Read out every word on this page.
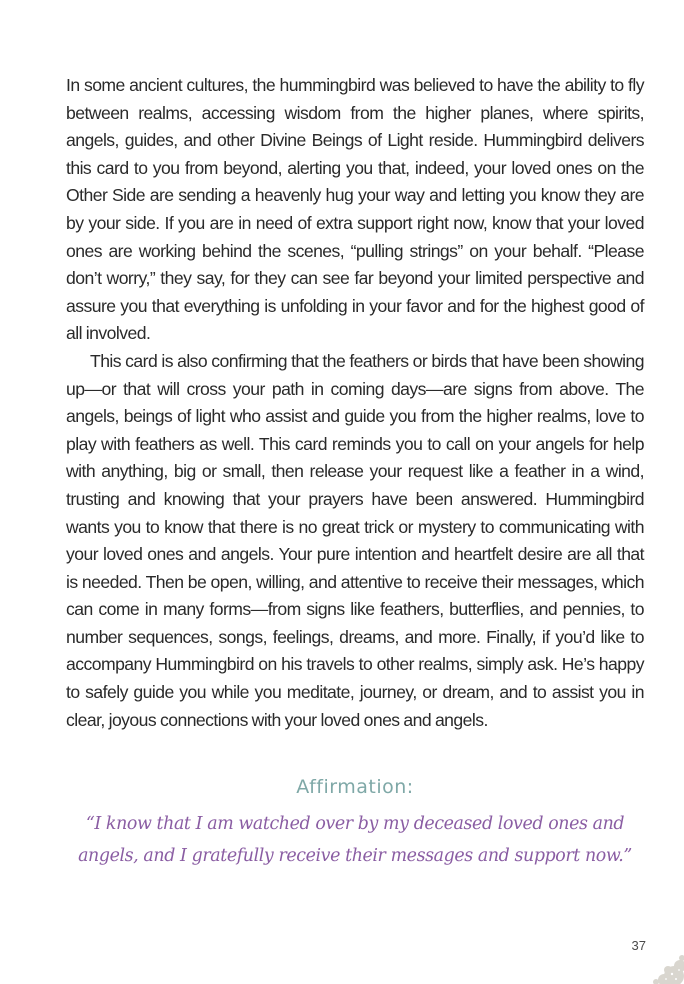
In some ancient cultures, the hummingbird was believed to have the ability to fly between realms, accessing wisdom from the higher planes, where spirits, angels, guides, and other Divine Beings of Light reside. Hummingbird delivers this card to you from beyond, alerting you that, indeed, your loved ones on the Other Side are sending a heavenly hug your way and letting you know they are by your side. If you are in need of extra support right now, know that your loved ones are working behind the scenes, “pulling strings” on your behalf. “Please don’t worry,” they say, for they can see far beyond your limited perspective and assure you that everything is unfolding in your favor and for the highest good of all involved.

This card is also confirming that the feathers or birds that have been showing up—or that will cross your path in coming days—are signs from above. The angels, beings of light who assist and guide you from the higher realms, love to play with feathers as well. This card reminds you to call on your angels for help with anything, big or small, then release your request like a feather in a wind, trusting and knowing that your prayers have been answered. Hummingbird wants you to know that there is no great trick or mystery to communicating with your loved ones and angels. Your pure intention and heartfelt desire are all that is needed. Then be open, willing, and attentive to receive their messages, which can come in many forms—from signs like feathers, butterflies, and pennies, to number sequences, songs, feelings, dreams, and more. Finally, if you’d like to accompany Hummingbird on his travels to other realms, simply ask. He’s happy to safely guide you while you meditate, journey, or dream, and to assist you in clear, joyous connections with your loved ones and angels.

Affirmation:

“I know that I am watched over by my deceased loved ones and angels, and I gratefully receive their messages and support now.”

37
